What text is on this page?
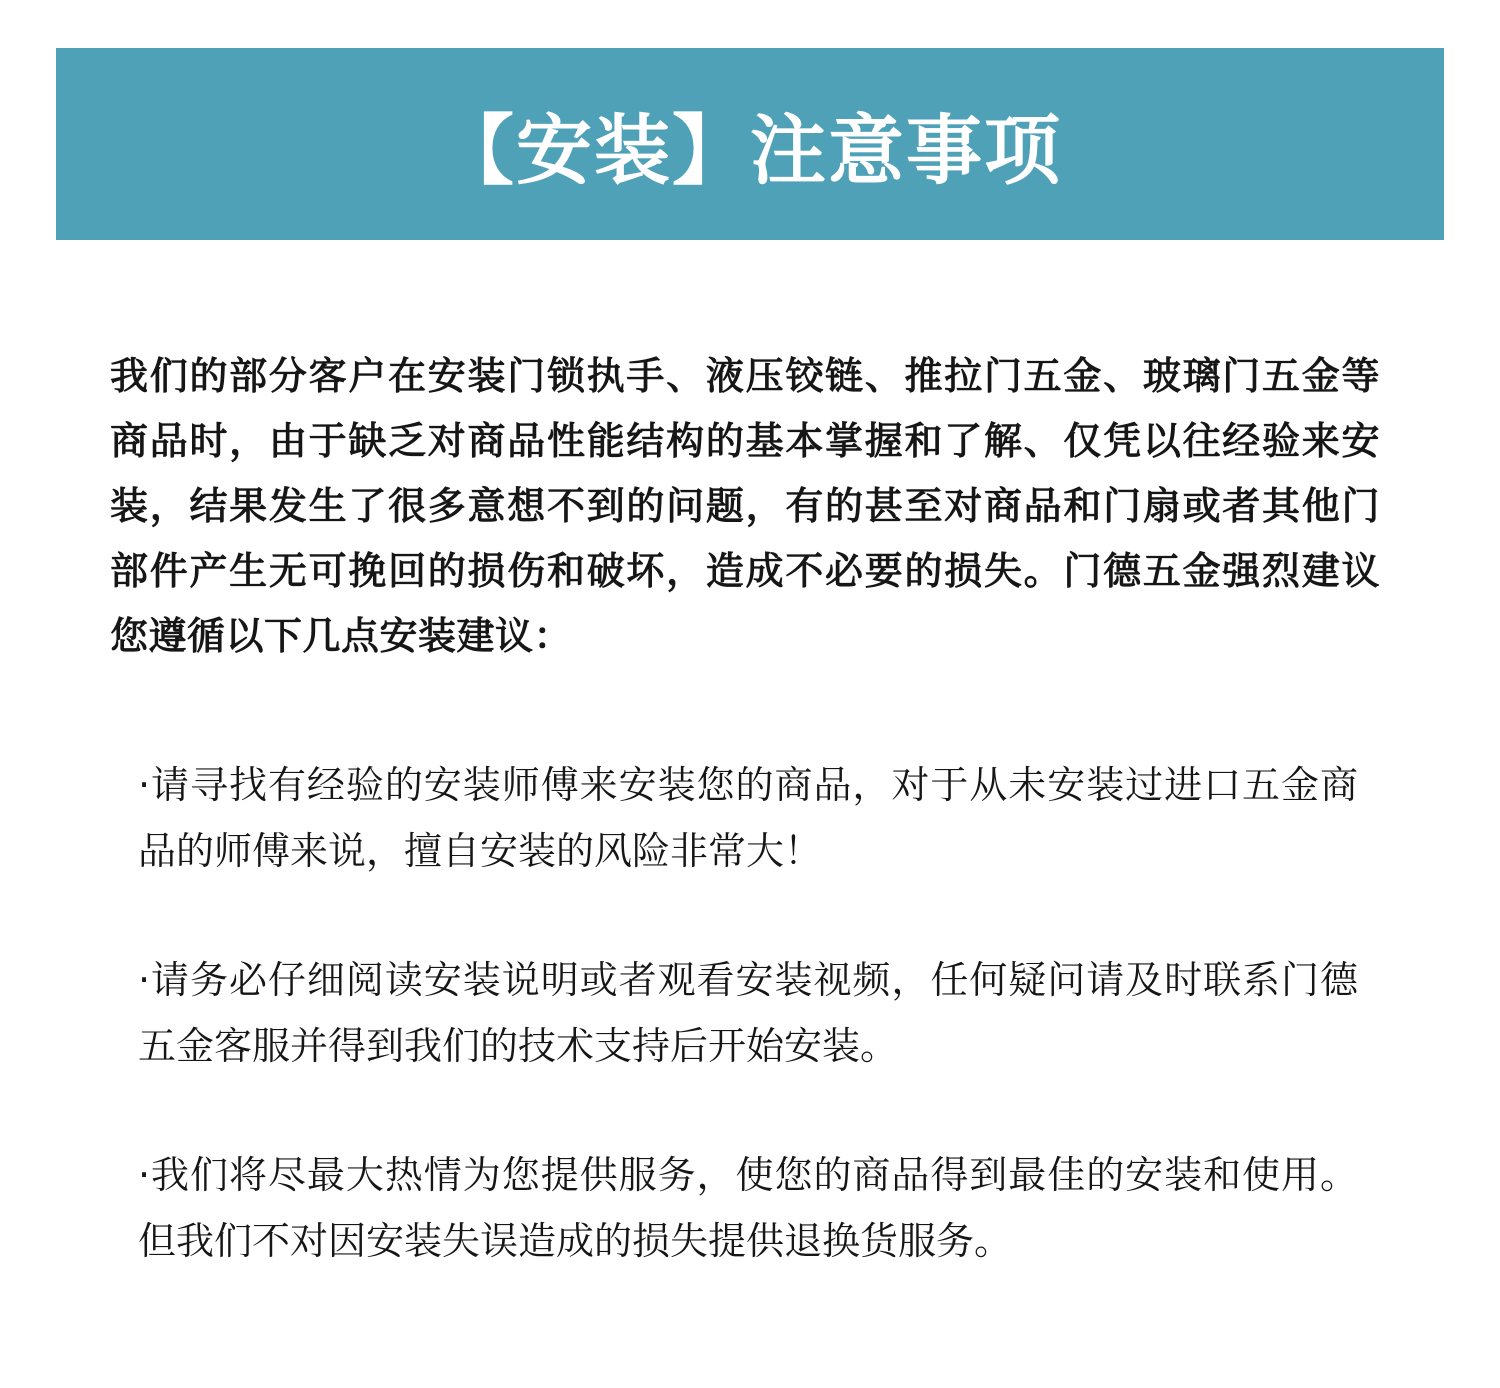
【安装】注意事项

我们的部分客户在安装门锁执手、液压铰链、推拉门五金、玻璃门五金等商品时，由于缺乏对商品性能结构的基本掌握和了解、仅凭以往经验来安装，结果发生了很多意想不到的问题，有的甚至对商品和门扇或者其他门部件产生无可挽回的损伤和破坏，造成不必要的损失。门德五金强烈建议您遵循以下几点安装建议：

·请寻找有经验的安装师傅来安装您的商品，对于从未安装过进口五金商品的师傅来说，擅自安装的风险非常大！
·请务必仔细阅读安装说明或者观看安装视频，任何疑问请及时联系门德五金客服并得到我们的技术支持后开始安装。
·我们将尽最大热情为您提供服务，使您的商品得到最佳的安装和使用。但我们不对因安装失误造成的损失提供退换货服务。
